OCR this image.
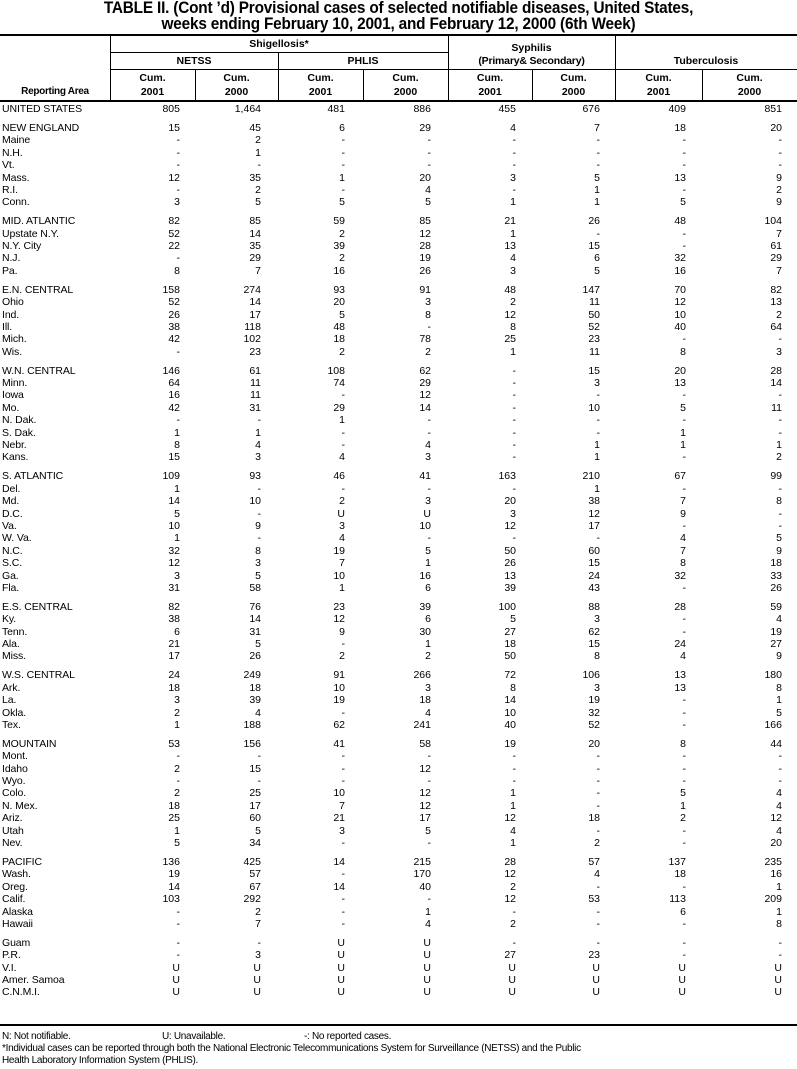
TABLE II. (Cont ’d) Provisional cases of selected notifiable diseases, United States,
weeks ending February 10, 2001, and February 12, 2000 (6th Week)
Reporting Area
Shigellosis*
NETSS	PHLIS
Syphilis
(Primary& Secondary)	Tuberculosis
Cum.
2001
Cum.
2000
Cum.
2001
Cum.
2000
Cum.
2001
Cum.
2000
Cum.
2001
Cum.
2000
UNITED STATES	805	1,464	481	886	455	676	409	851
NEW ENGLAND	15	45	6	29	4	7	18	20
Maine	-	2	-	-	-	-	-	-
N.H.	-	1	-	-	-	-	-	-
Vt.	-	-	-	-	-	-	-	-
Mass.	12	35	1	20	3	5	13	9
R.I.	-	2	-	4	-	1	-	2
Conn.	3	5	5	5	1	1	5	9
MID. ATLANTIC	82	85	59	85	21	26	48	104
Upstate N.Y.	52	14	2	12	1	-	-	7
N.Y. City	22	35	39	28	13	15	-	61
N.J.	-	29	2	19	4	6	32	29
Pa.	8	7	16	26	3	5	16	7
E.N. CENTRAL	158	274	93	91	48	147	70	82
Ohio	52	14	20	3	2	11	12	13
Ind.	26	17	5	8	12	50	10	2
Ill.	38	118	48	-	8	52	40	64
Mich.	42	102	18	78	25	23	-	-
Wis.	-	23	2	2	1	11	8	3
W.N. CENTRAL	146	61	108	62	-	15	20	28
Minn.	64	11	74	29	-	3	13	14
Iowa	16	11	-	12	-	-	-	-
Mo.	42	31	29	14	-	10	5	11
N. Dak.	-	-	1	-	-	-	-	-
S. Dak.	1	1	-	-	-	-	1	-
Nebr.	8	4	-	4	-	1	1	1
Kans.	15	3	4	3	-	1	-	2
S. ATLANTIC	109	93	46	41	163	210	67	99
Del.	1	-	-	-	-	1	-	-
Md.	14	10	2	3	20	38	7	8
D.C.	5	-	U	U	3	12	9	-
Va.	10	9	3	10	12	17	-	-
W. Va.	1	-	4	-	-	-	4	5
N.C.	32	8	19	5	50	60	7	9
S.C.	12	3	7	1	26	15	8	18
Ga.	3	5	10	16	13	24	32	33
Fla.	31	58	1	6	39	43	-	26
E.S. CENTRAL	82	76	23	39	100	88	28	59
Ky.	38	14	12	6	5	3	-	4
Tenn.	6	31	9	30	27	62	-	19
Ala.	21	5	-	1	18	15	24	27
Miss.	17	26	2	2	50	8	4	9
W.S. CENTRAL	24	249	91	266	72	106	13	180
Ark.	18	18	10	3	8	3	13	8
La.	3	39	19	18	14	19	-	1
Okla.	2	4	-	4	10	32	-	5
Tex.	1	188	62	241	40	52	-	166
MOUNTAIN	53	156	41	58	19	20	8	44
Mont.	-	-	-	-	-	-	-	-
Idaho	2	15	-	12	-	-	-	-
Wyo.	-	-	-	-	-	-	-	-
Colo.	2	25	10	12	1	-	5	4
N. Mex.	18	17	7	12	1	-	1	4
Ariz.	25	60	21	17	12	18	2	12
Utah	1	5	3	5	4	-	-	4
Nev.	5	34	-	-	1	2	-	20
PACIFIC	136	425	14	215	28	57	137	235
Wash.	19	57	-	170	12	4	18	16
Oreg.	14	67	14	40	2	-	-	1
Calif.	103	292	-	-	12	53	113	209
Alaska	-	2	-	1	-	-	6	1
Hawaii	-	7	-	4	2	-	-	8
Guam	-	-	U	U	-	-	-	-
P.R.	-	3	U	U	27	23	-	-
V.I.	U	U	U	U	U	U	U	U
Amer. Samoa	U	U	U	U	U	U	U	U
C.N.M.I.	U	U	U	U	U	U	U	U
N: Not notifiable.	U: Unavailable.	-: No reported cases.
*Individual cases can be reported through both the National Electronic Telecommunications System for Surveillance (NETSS) and the Public
Health Laboratory Information System (PHLIS).
